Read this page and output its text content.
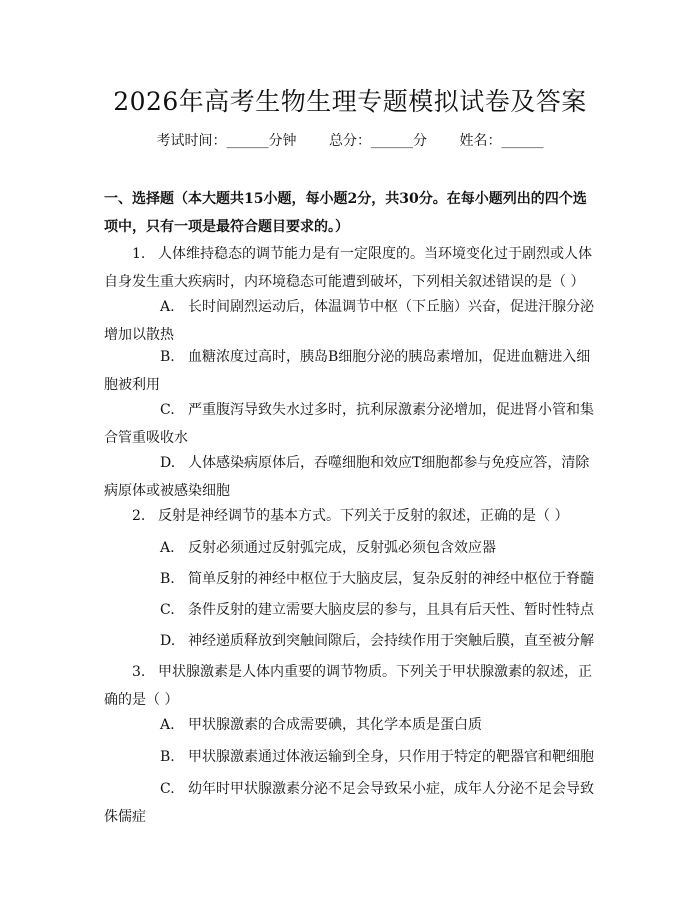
2026年高考生物生理专题模拟试卷及答案
考试时间：______分钟 总分：______分 姓名：______
一、选择题（本大题共15小题，每小题2分，共30分。在每小题列出的四个选项中，只有一项是最符合题目要求的。）
1. 人体维持稳态的调节能力是有一定限度的。当环境变化过于剧烈或人体自身发生重大疾病时，内环境稳态可能遭到破坏，下列相关叙述错误的是（ ）
A. 长时间剧烈运动后，体温调节中枢（下丘脑）兴奋，促进汗腺分泌增加以散热
B. 血糖浓度过高时，胰岛B细胞分泌的胰岛素增加，促进血糖进入细胞被利用
C. 严重腹泻导致失水过多时，抗利尿激素分泌增加，促进肾小管和集合管重吸收水
D. 人体感染病原体后，吞噬细胞和效应T细胞都参与免疫应答，清除病原体或被感染细胞
2. 反射是神经调节的基本方式。下列关于反射的叙述，正确的是（ ）
A. 反射必须通过反射弧完成，反射弧必须包含效应器
B. 简单反射的神经中枢位于大脑皮层，复杂反射的神经中枢位于脊髓
C. 条件反射的建立需要大脑皮层的参与，且具有后天性、暂时性特点
D. 神经递质释放到突触间隙后，会持续作用于突触后膜，直至被分解
3. 甲状腺激素是人体内重要的调节物质。下列关于甲状腺激素的叙述，正确的是（ ）
A. 甲状腺激素的合成需要碘，其化学本质是蛋白质
B. 甲状腺激素通过体液运输到全身，只作用于特定的靶器官和靶细胞
C. 幼年时甲状腺激素分泌不足会导致呆小症，成年人分泌不足会导致侏儒症
